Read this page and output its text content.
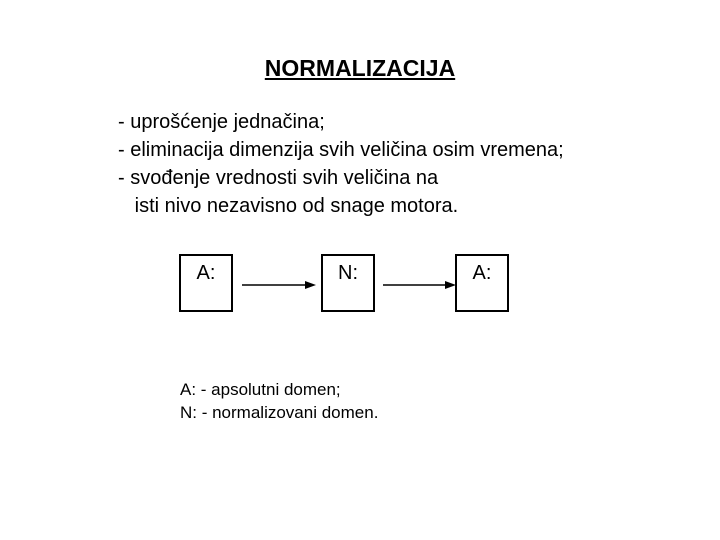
NORMALIZACIJA
- uprošćenje jednačina;
- eliminacija dimenzija svih veličina osim vremena;
- svođenje vrednosti svih veličina na
isti nivo nezavisno od snage motora.
A:	N:	A:
A: - apsolutni domen;
N: - normalizovani domen.
